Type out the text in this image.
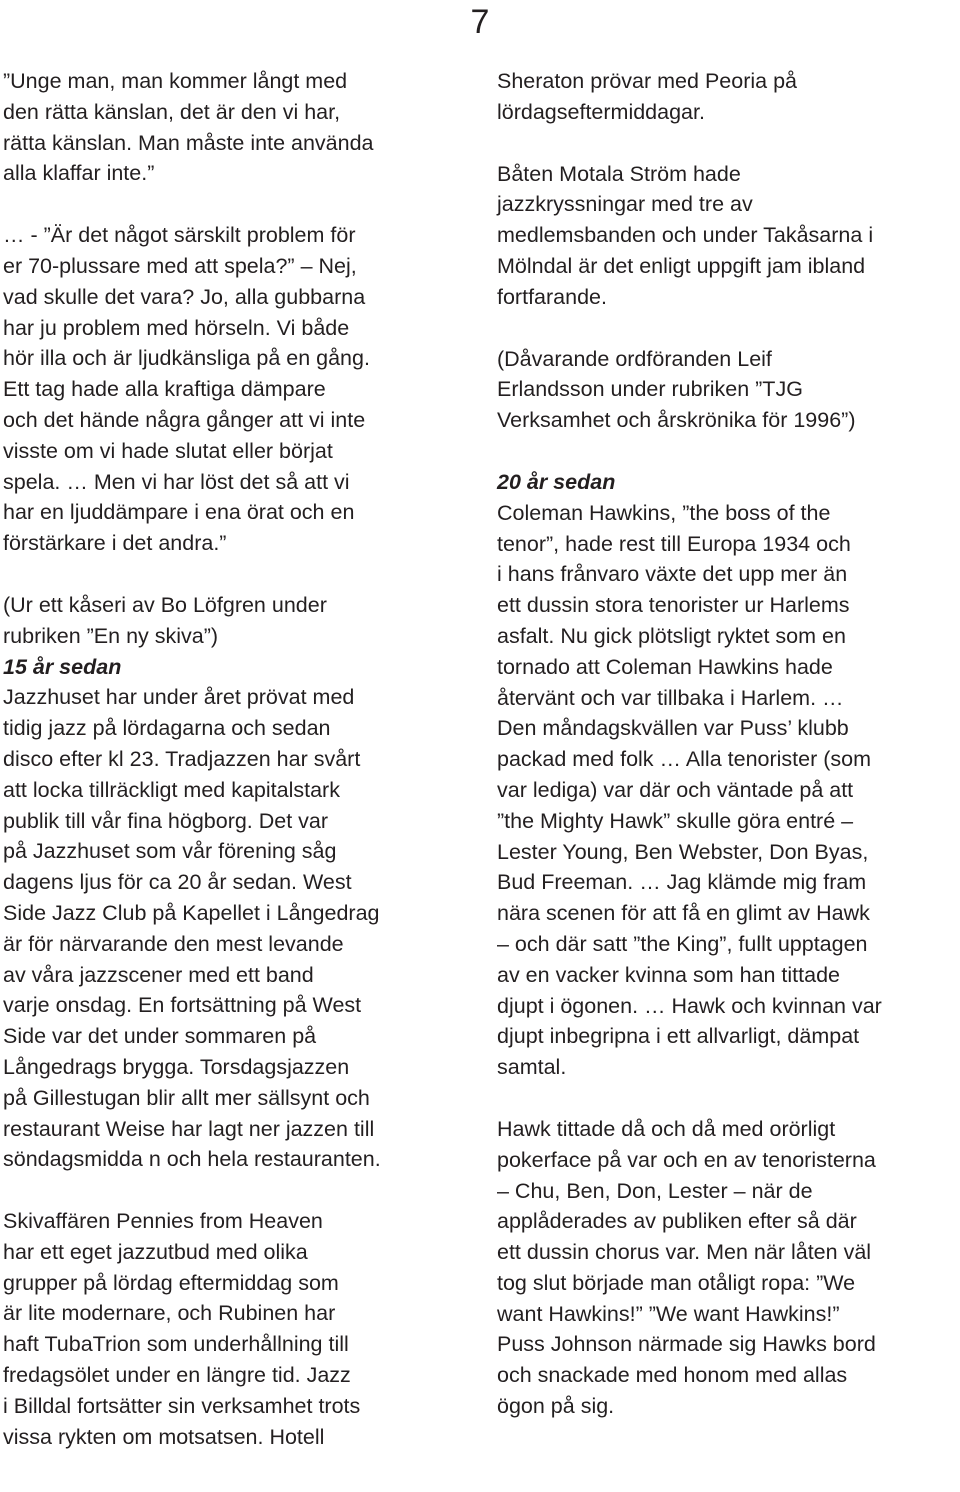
7

”Unge man, man kommer långt med
den rätta känslan, det är den vi har,
rätta känslan. Man måste inte använda
alla klaffar inte.”

… - ”Är det något särskilt problem för
er 70-plussare med att spela?” – Nej,
vad skulle det vara? Jo, alla gubbarna
har ju problem med hörseln. Vi både
hör illa och är ljudkänsliga på en gång.
Ett tag hade alla kraftiga dämpare
och det hände några gånger att vi inte
visste om vi hade slutat eller börjat
spela. … Men vi har löst det så att vi
har en ljuddämpare i ena örat och en
förstärkare i det andra.”

(Ur ett kåseri av Bo Löfgren under
rubriken ”En ny skiva”)

15 år sedan

Jazzhuset har under året prövat med
tidig jazz på lördagarna och sedan
disco efter kl 23. Tradjazzen har svårt
att locka tillräckligt med kapitalstark
publik till vår fina högborg. Det var
på Jazzhuset som vår förening såg
dagens ljus för ca 20 år sedan. West
Side Jazz Club på Kapellet i Långedrag
är för närvarande den mest levande
av våra jazzscener med ett band
varje onsdag. En fortsättning på West
Side var det under sommaren på
Långedrags brygga. Torsdagsjazzen
på Gillestugan blir allt mer sällsynt och
restaurant Weise har lagt ner jazzen till
söndagsmidda n och hela restauranten.

Skivaffären Pennies from Heaven
har ett eget jazzutbud med olika
grupper på lördag eftermiddag som
är lite modernare, och Rubinen har
haft TubaTrion som underhållning till
fredagsölet under en längre tid. Jazz
i Billdal fortsätter sin verksamhet trots
vissa rykten om motsatsen. Hotell

Sheraton prövar med Peoria på
lördagseftermiddagar.

Båten Motala Ström hade
jazzkryssningar med tre av
medlemsbanden och under Takåsarna i
Mölndal är det enligt uppgift jam ibland
fortfarande.

(Dåvarande ordföranden Leif
Erlandsson under rubriken ”TJG
Verksamhet och årskrönika för 1996”)

20 år sedan

Coleman Hawkins, ”the boss of the
tenor”, hade rest till Europa 1934 och
i hans frånvaro växte det upp mer än
ett dussin stora tenorister ur Harlems
asfalt. Nu gick plötsligt ryktet som en
tornado att Coleman Hawkins hade
återvänt och var tillbaka i Harlem. …
Den måndagskvällen var Puss’ klubb
packad med folk … Alla tenorister (som
var lediga) var där och väntade på att
”the Mighty Hawk” skulle göra entré –
Lester Young, Ben Webster, Don Byas,
Bud Freeman. … Jag klämde mig fram
nära scenen för att få en glimt av Hawk
– och där satt ”the King”, fullt upptagen
av en vacker kvinna som han tittade
djupt i ögonen. … Hawk och kvinnan var
djupt inbegripna i ett allvarligt, dämpat
samtal.

Hawk tittade då och då med orörligt
pokerface på var och en av tenoristerna
– Chu, Ben, Don, Lester – när de
applåderades av publiken efter så där
ett dussin chorus var. Men när låten väl
tog slut började man otåligt ropa: ”We
want Hawkins!” ”We want Hawkins!”
Puss Johnson närmade sig Hawks bord
och snackade med honom med allas
ögon på sig.
